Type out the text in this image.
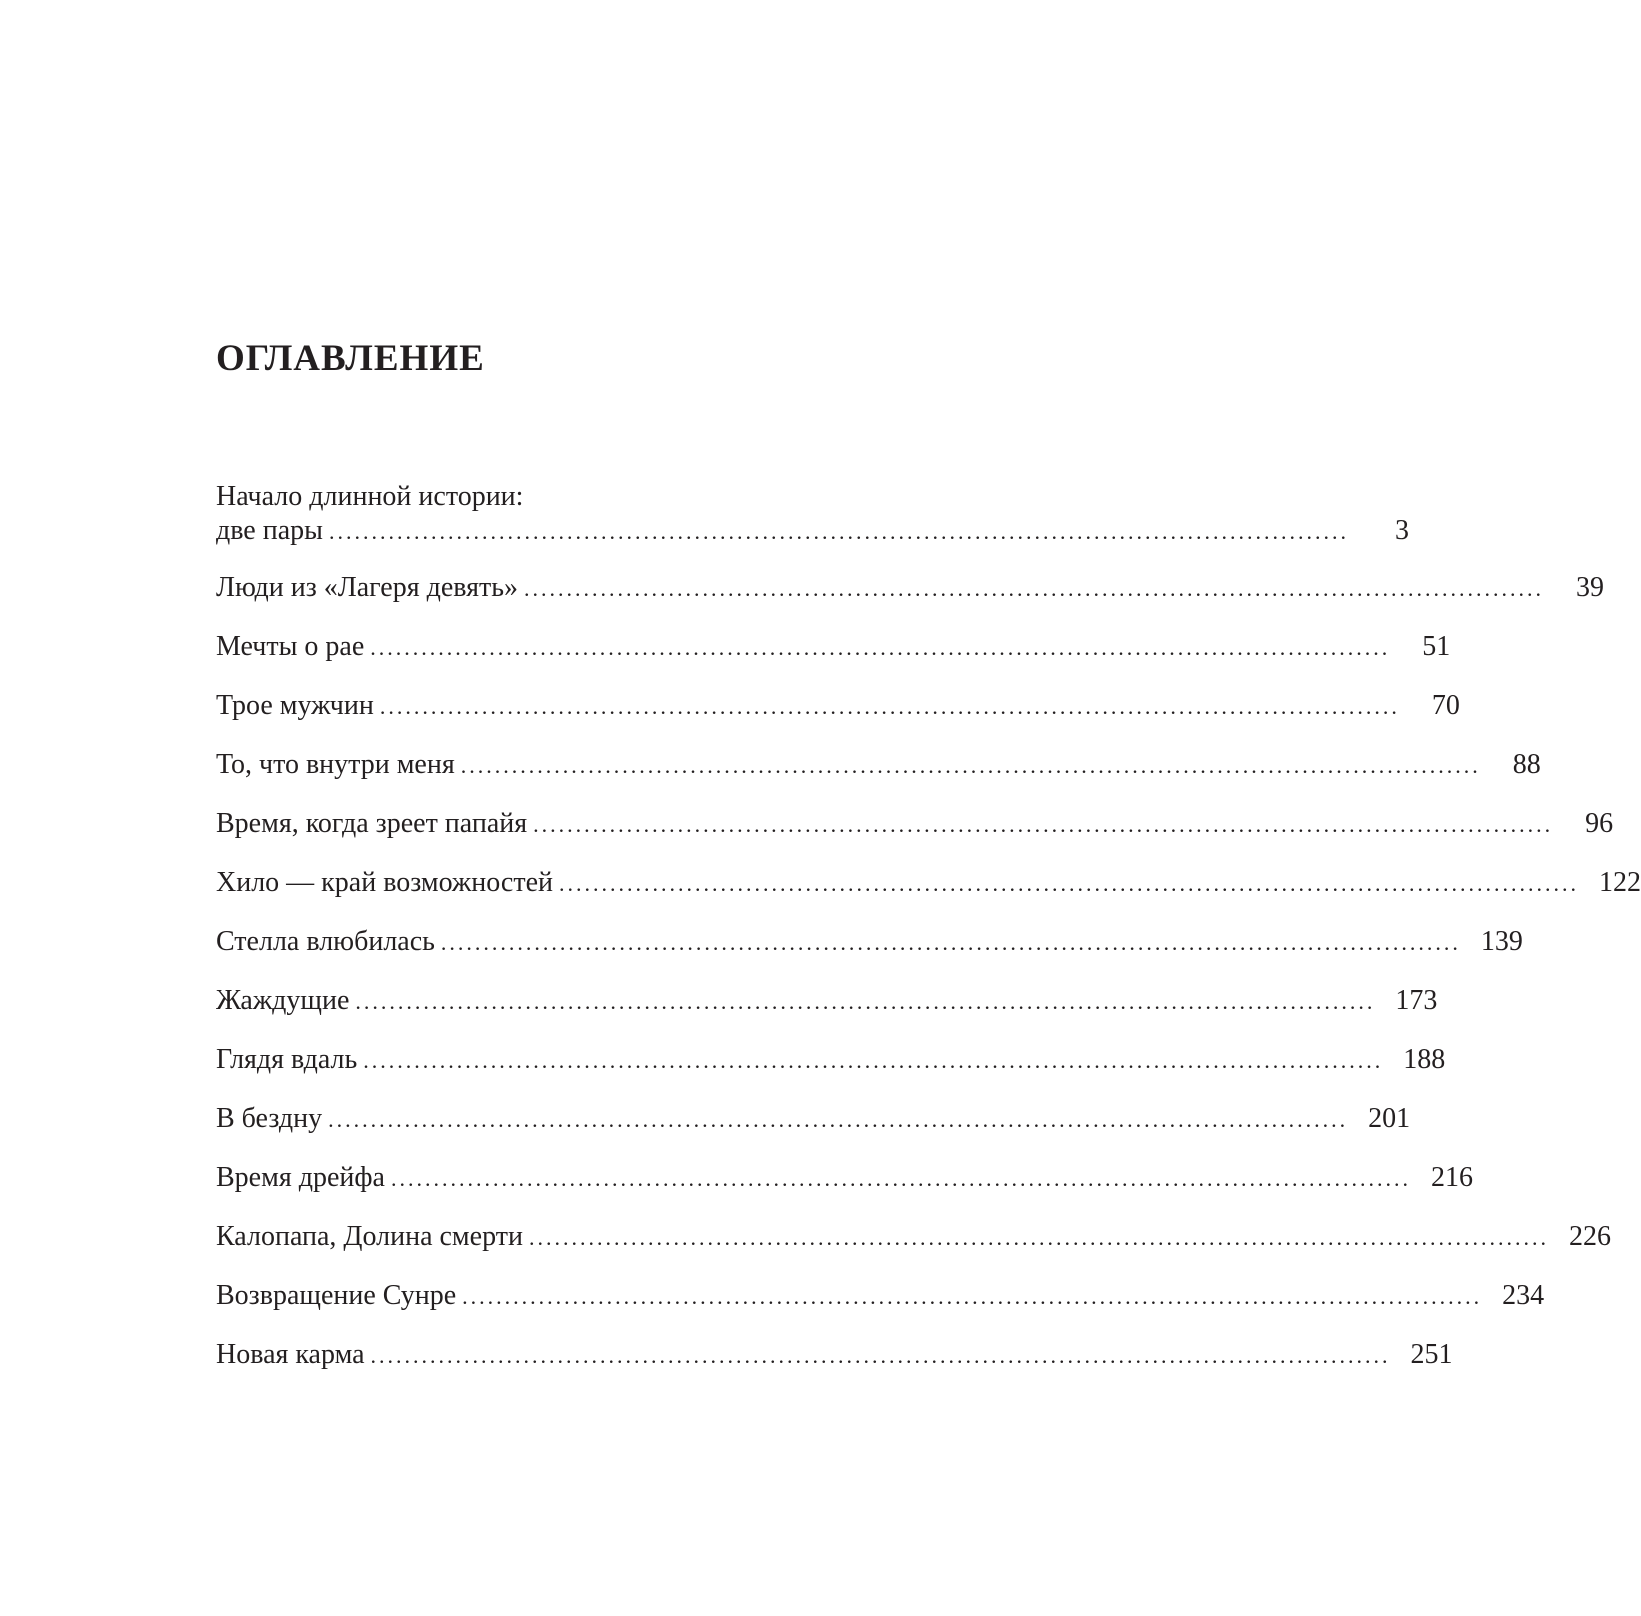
ОГЛАВЛЕНИЕ
Начало длинной истории:
две пары ........................................................................................................................	3
Люди из «Лагеря девять» ........................................................................................................................	39
Мечты о рае ........................................................................................................................	51
Трое мужчин ........................................................................................................................	70
То, что внутри меня ........................................................................................................................	88
Время, когда зреет папайя ........................................................................................................................	96
Хило — край возможностей ........................................................................................................................ 122
Стелла влюбилась ........................................................................................................................ 139
Жаждущие ........................................................................................................................ 173
Глядя вдаль ........................................................................................................................ 188
В бездну ........................................................................................................................ 201
Время дрейфа ........................................................................................................................ 216
Калопапа, Долина смерти ........................................................................................................................ 226
Возвращение Сунре ........................................................................................................................ 234
Новая карма ........................................................................................................................ 251
